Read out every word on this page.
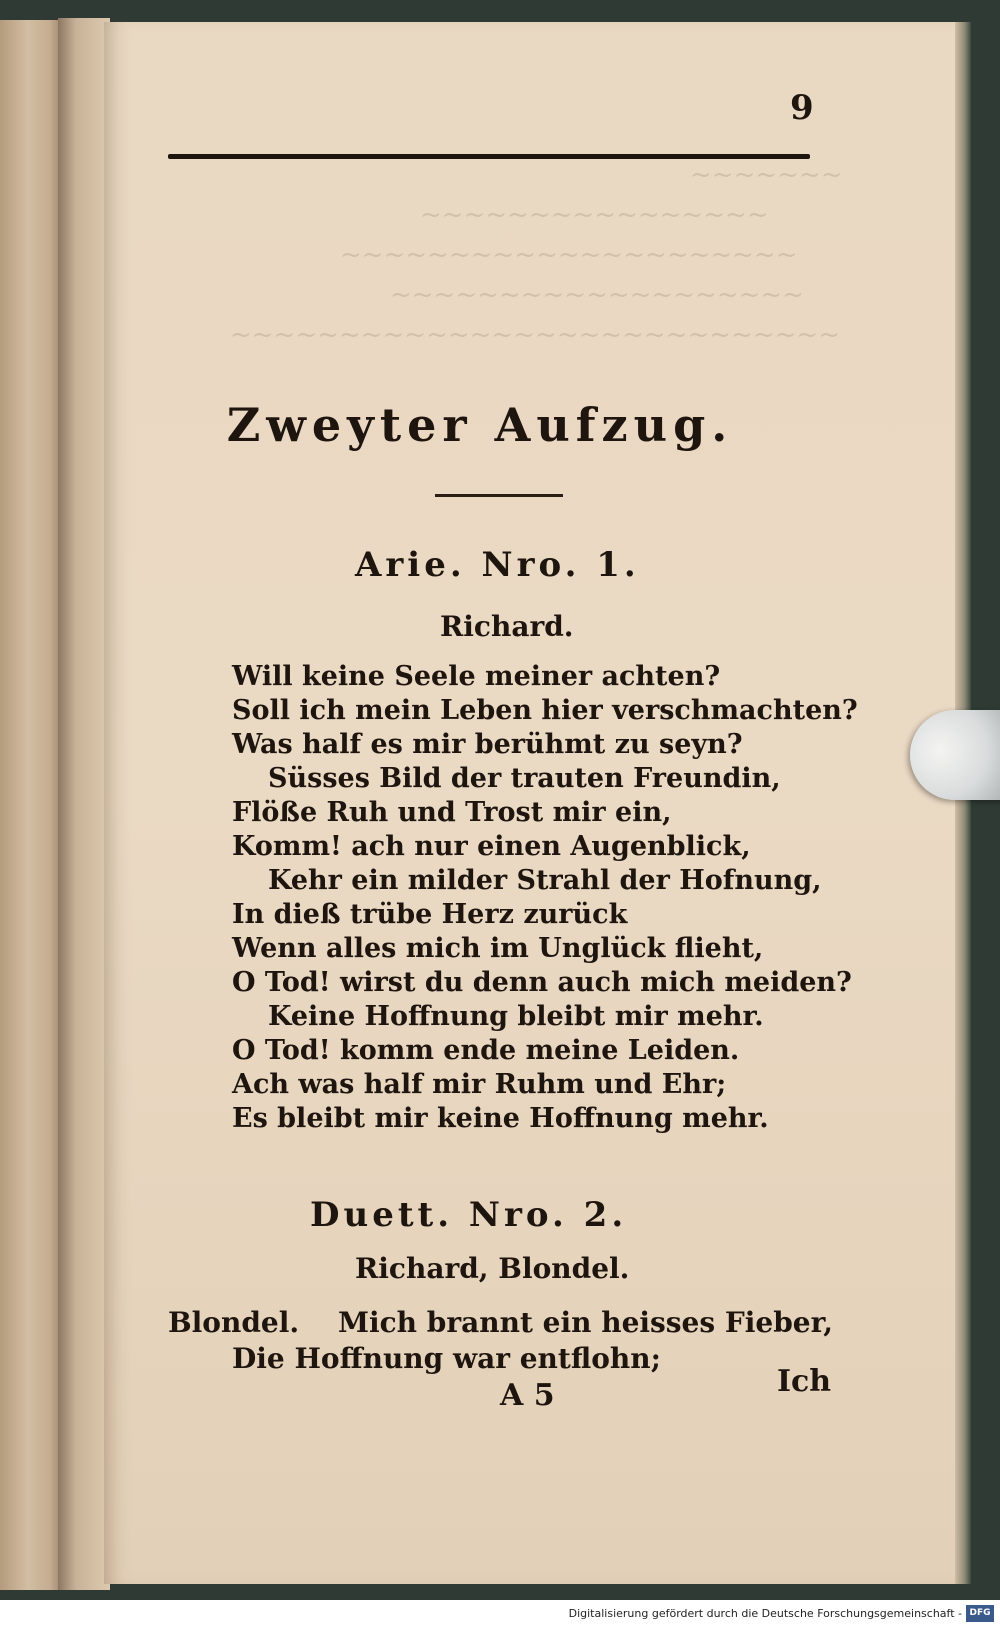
~~~~~~~
~~~~~~~~~~~~~~~~
~~~~~~~~~~~~~~~~~~~~~
~~~~~~~~~~~~~~~~~~~
~~~~~~~~~~~~~~~~~~~~~~~~~~~~
9
Zweyter Aufzug.
Arie. Nro. 1.
Richard.
Will keine Seele meiner achten?
Soll ich mein Leben hier verschmachten?
Was half es mir berühmt zu seyn?
Süsses Bild der trauten Freundin,
Flöße Ruh und Trost mir ein,
Komm! ach nur einen Augenblick,
Kehr ein milder Strahl der Hofnung,
In dieß trübe Herz zurück
Wenn alles mich im Unglück flieht,
O Tod! wirst du denn auch mich meiden?
Keine Hoffnung bleibt mir mehr.
O Tod! komm ende meine Leiden.
Ach was half mir Ruhm und Ehr;
Es bleibt mir keine Hoffnung mehr.
Duett. Nro. 2.
Richard, Blondel.
Blondel. Mich brannt ein heisses Fieber,
Die Hoffnung war entflohn;
A 5	Ich
Digitalisierung gefördert durch die Deutsche Forschungsgemeinschaft - DFG
